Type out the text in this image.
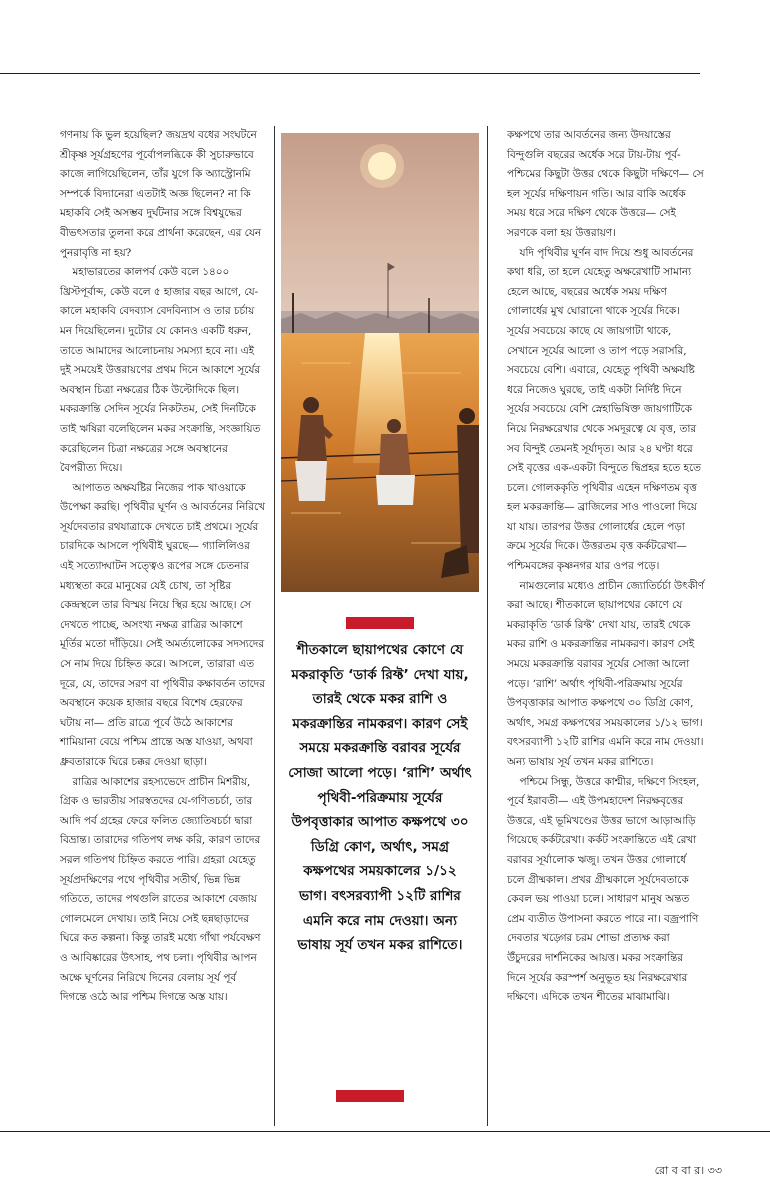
গণনায় কি ভুল হয়েছিল? জয়দ্রথ বধের সংঘটনে শ্রীকৃষ্ণ সূর্যগ্রহণের পূর্বোপলব্ধিকে কী সুচারুভাবে কাজে লাগিয়েছিলেন, তাঁর যুগে কি অ্যাস্ট্রোনমি সম্পর্কে বিদ্যানেরা এতটাই অজ্ঞ ছিলেন? না কি মহাকবি সেই অসম্ভব দুর্ঘটনার সঙ্গে বিশ্বযুদ্ধের বীভৎসতার তুলনা করে প্রার্থনা করেছেন, এর যেন পুনরাবৃত্তি না হয়?

মহাভারতের কালপর্ব কেউ বলে ১৪০০ খ্রিস্টপূর্বাব্দ, কেউ বলে ৫ হাজার বছর আগে, যে-কালে মহাকবি বেদব্যাস বেদবিন্যাস ও তার চর্চায় মন দিয়েছিলেন। দুটোর যে কোনও একটি ধরুন, তাতে আমাদের আলোচনায় সমস্যা হবে না। এই দুই সময়েই উত্তরায়ণের প্রথম দিনে আকাশে সূর্যের অবস্থান চিত্রা নক্ষত্রের ঠিক উল্টোদিকে ছিল। মকরক্রান্তি সেদিন সূর্যের নিকটতম, সেই দিনটিকে তাই ঋষিরা বলেছিলেন মকর সংক্রান্তি, সংজ্ঞায়িত করেছিলেন চিত্রা নক্ষত্রের সঙ্গে অবস্থানের বৈপরীত্য দিয়ে।

আপাতত অক্ষযষ্টির নিজের পাক খাওয়াকে উপেক্ষা করছি। পৃথিবীর ঘূর্ণন ও আবর্তনের নিরিখে সূর্যদেবতার রথযাত্রাকে দেখতে চাই প্রথমে। সূর্যের চারদিকে আসলে পৃথিবীই ঘুরছে— গ্যালিলিওর এই সত্যোদ্ঘাটন সত্ত্বেও রূপের সঙ্গে চেতনার মধ্যস্থতা করে মানুষের যেই চোখ, তা সৃষ্টির কেন্দ্রস্থলে তার বিস্ময় নিয়ে স্থির হয়ে আছে। সে দেখতে পাচ্ছে, অসংখ্য নক্ষত্র রাত্রির আকাশে মূর্তির মতো দাঁড়িয়ে। সেই অমর্ত্যলোকের সদস্যদের সে নাম দিয়ে চিহ্নিত করে। আসলে, তারারা এত দূরে, যে, তাদের সরণ বা পৃথিবীর কক্ষাবর্তন তাদের অবস্থানে কয়েক হাজার বছরে বিশেষ হেরফের ঘটায় না— প্রতি রাত্রে পূর্বে উঠে আকাশের শামিয়ানা বেয়ে পশ্চিম প্রান্তে অস্ত যাওয়া, অথবা ধ্রুবতারাকে ঘিরে চক্কর দেওয়া ছাড়া।

রাত্রির আকাশের রহস্যভেদে প্রাচীন মিশরীয়, গ্রিক ও ভারতীয় সারস্বতদের যে-গণিতচর্চা, তার আদি পর্ব গ্রহের ফেরে ফলিত জ্যোতিষচর্চা দ্বারা বিভ্রান্ত। তারাদের গতিপথ লক্ষ করি, কারণ তাদের সরল গতিপথ চিহ্নিত করতে পারি। গ্রহরা যেহেতু সূর্যপ্রদক্ষিণের পথে পৃথিবীর সতীর্থ, ভিন্ন ভিন্ন গতিতে, তাদের পথগুলি রাতের আকাশে বেজায় গোলমেলে দেখায়। তাই নিয়ে সেই ছন্নছাড়াদের ঘিরে কত কল্পনা। কিন্তু তারই মধ্যে গাঁথা পর্যবেক্ষণ ও আবিষ্কারের উৎসাহ, পথ চলা। পৃথিবীর আপন অক্ষে ঘূর্ণনের নিরিখে দিনের বেলায় সূর্য পূর্ব দিগন্তে ওঠে আর পশ্চিম দিগন্তে অস্ত যায়।

শীতকালে ছায়াপথের কোণে যে মকরাকৃতি ‘ডার্ক রিফ্ট’ দেখা যায়, তারই থেকে মকর রাশি ও মকরক্রান্তির নামকরণ। কারণ সেই সময়ে মকরক্রান্তি বরাবর সূর্যের সোজা আলো পড়ে। ‘রাশি’ অর্থাৎ পৃথিবী-পরিক্রমায় সূর্যের উপবৃত্তাকার আপাত কক্ষপথে ৩০ ডিগ্রি কোণ, অর্থাৎ, সমগ্র কক্ষপথের সময়কালের ১/১২ ভাগ। বৎসরব্যাপী ১২টি রাশির এমনি করে নাম দেওয়া। অন্য ভাষায় সূর্য তখন মকর রাশিতে।

কক্ষপথে তার আবর্তনের জন্য উদয়াস্তের বিন্দুগুলি বছরের অর্ধেক সরে টায়-টায় পূর্ব-পশ্চিমের কিছুটা উত্তর থেকে কিছুটা দক্ষিণে— সে হল সূর্যের দক্ষিণায়ন গতি। আর বাকি অর্ধেক সময় ধরে সরে দক্ষিণ থেকে উত্তরে— সেই সরণকে বলা হয় উত্তরায়ণ।

যদি পৃথিবীর ঘূর্ণন বাদ দিয়ে শুধু আবর্তনের কথা ধরি, তা হলে যেহেতু অক্ষরেখাটি সামান্য হেলে আছে, বছরের অর্ধেক সময় দক্ষিণ গোলার্ধের মুখ ঘোরানো থাকে সূর্যের দিকে। সূর্যের সবচেয়ে কাছে যে জায়গাটা থাকে, সেখানে সূর্যের আলো ও তাপ পড়ে সরাসরি, সবচেয়ে বেশি। এবারে, যেহেতু পৃথিবী অক্ষযষ্টি ধরে নিজেও ঘুরছে, তাই একটা নির্দিষ্ট দিনে সূর্যের সবচেয়ে বেশি স্নেহাভিষিক্ত জায়গাটিকে নিয়ে নিরক্ষরেখার থেকে সমদূরত্বে যে বৃত্ত, তার সব বিন্দুই তেমনই সূর্যাদৃত। আর ২৪ ঘণ্টা ধরে সেই বৃত্তের এক-একটা বিন্দুতে দ্বিপ্রহর হতে হতে চলে। গোলককৃতি পৃথিবীর এহেন দক্ষিণতম বৃত্ত হল মকরক্রান্তি— ব্রাজিলের সাও পাওলো দিয়ে যা যায়। তারপর উত্তর গোলার্ধের হেলে পড়া ক্রমে সূর্যের দিকে। উত্তরতম বৃত্ত কর্কটরেখা— পশ্চিমবঙ্গের কৃষ্ণনগর যার ওপর পড়ে।

নামগুলোর মধ্যেও প্রাচীন জ্যোতির্চর্চা উৎকীর্ণ করা আছে। শীতকালে ছায়াপথের কোণে যে মকরাকৃতি ‘ডার্ক রিফ্ট’ দেখা যায়, তারই থেকে মকর রাশি ও মকরক্রান্তির নামকরণ। কারণ সেই সময়ে মকরক্রান্তি বরাবর সূর্যের সোজা আলো পড়ে। ‘রাশি’ অর্থাৎ পৃথিবী-পরিক্রমায় সূর্যের উপবৃত্তাকার আপাত কক্ষপথে ৩০ ডিগ্রি কোণ, অর্থাৎ, সমগ্র কক্ষপথের সময়কালের ১/১২ ভাগ। বৎসরব্যাপী ১২টি রাশির এমনি করে নাম দেওয়া। অন্য ভাষায় সূর্য তখন মকর রাশিতে।

পশ্চিমে সিন্ধু, উত্তরে কাশ্মীর, দক্ষিণে সিংহল, পূর্বে ইরাবতী— এই উপমহাদেশ নিরক্ষবৃত্তের উত্তরে, এই ভূমিখণ্ডের উত্তর ভাগে আড়াআড়ি গিয়েছে কর্কটরেখা। কর্কট সংক্রান্তিতে এই রেখা বরাবর সূর্যালোক ঋজু। তখন উত্তর গোলার্ধে চলে গ্রীষ্মকাল। প্রখর গ্রীষ্মকালে সূর্যদেবতাকে কেবল ভয় পাওয়া চলে। সাধারণ মানুষ অন্তত প্রেম ব্যতীত উপাসনা করতে পারে না। বজ্রপাণি দেবতার খড়্গের চরম শোভা প্রত্যক্ষ করা উঁচুদরের দার্শনিকের আয়ত্ত। মকর সংক্রান্তির দিনে সূর্যের করস্পর্শ অনুভূত হয় নিরক্ষরেখার দক্ষিণে। এদিকে তখন শীতের মাঝামাঝি।

রো ব বা র। ৩৩
